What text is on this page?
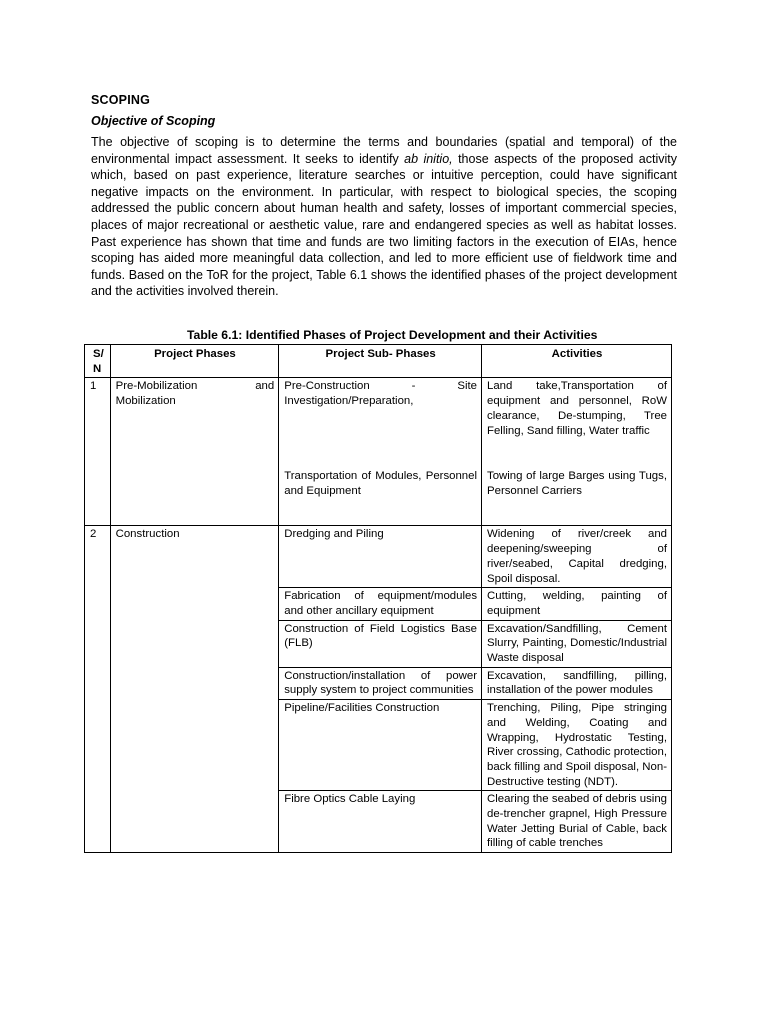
SCOPING
Objective of Scoping

The objective of scoping is to determine the terms and boundaries (spatial and temporal) of the environmental impact assessment. It seeks to identify ab initio, those aspects of the proposed activity which, based on past experience, literature searches or intuitive perception, could have significant negative impacts on the environment. In particular, with respect to biological species, the scoping addressed the public concern about human health and safety, losses of important commercial species, places of major recreational or aesthetic value, rare and endangered species as well as habitat losses. Past experience has shown that time and funds are two limiting factors in the execution of EIAs, hence scoping has aided more meaningful data collection, and led to more efficient use of fieldwork time and funds. Based on the ToR for the project, Table 6.1 shows the identified phases of the project development and the activities involved therein.

Table 6.1: Identified Phases of Project Development and their Activities
S/ N	Project Phases	Project Sub- Phases	Activities
1	Pre-Mobilization and Mobilization	Pre-Construction - Site Investigation/Preparation,	Land take,Transportation of equipment and personnel, RoW clearance, De-stumping, Tree Felling, Sand filling, Water traffic
		Transportation of Modules, Personnel and Equipment	Towing of large Barges using Tugs, Personnel Carriers
2	Construction	Dredging and Piling	Widening of river/creek and deepening/sweeping of river/seabed, Capital dredging, Spoil disposal.
		Fabrication of equipment/modules and other ancillary equipment	Cutting, welding, painting of equipment
		Construction of Field Logistics Base (FLB)	Excavation/Sandfilling, Cement Slurry, Painting, Domestic/Industrial Waste disposal
		Construction/installation of power supply system to project communities	Excavation, sandfilling, pilling, installation of the power modules
		Pipeline/Facilities Construction	Trenching, Piling, Pipe stringing and Welding, Coating and Wrapping, Hydrostatic Testing, River crossing, Cathodic protection, back filling and Spoil disposal, Non-Destructive testing (NDT).
		Fibre Optics Cable Laying	Clearing the seabed of debris using de-trencher grapnel, High Pressure Water Jetting Burial of Cable, back filling of cable trenches
